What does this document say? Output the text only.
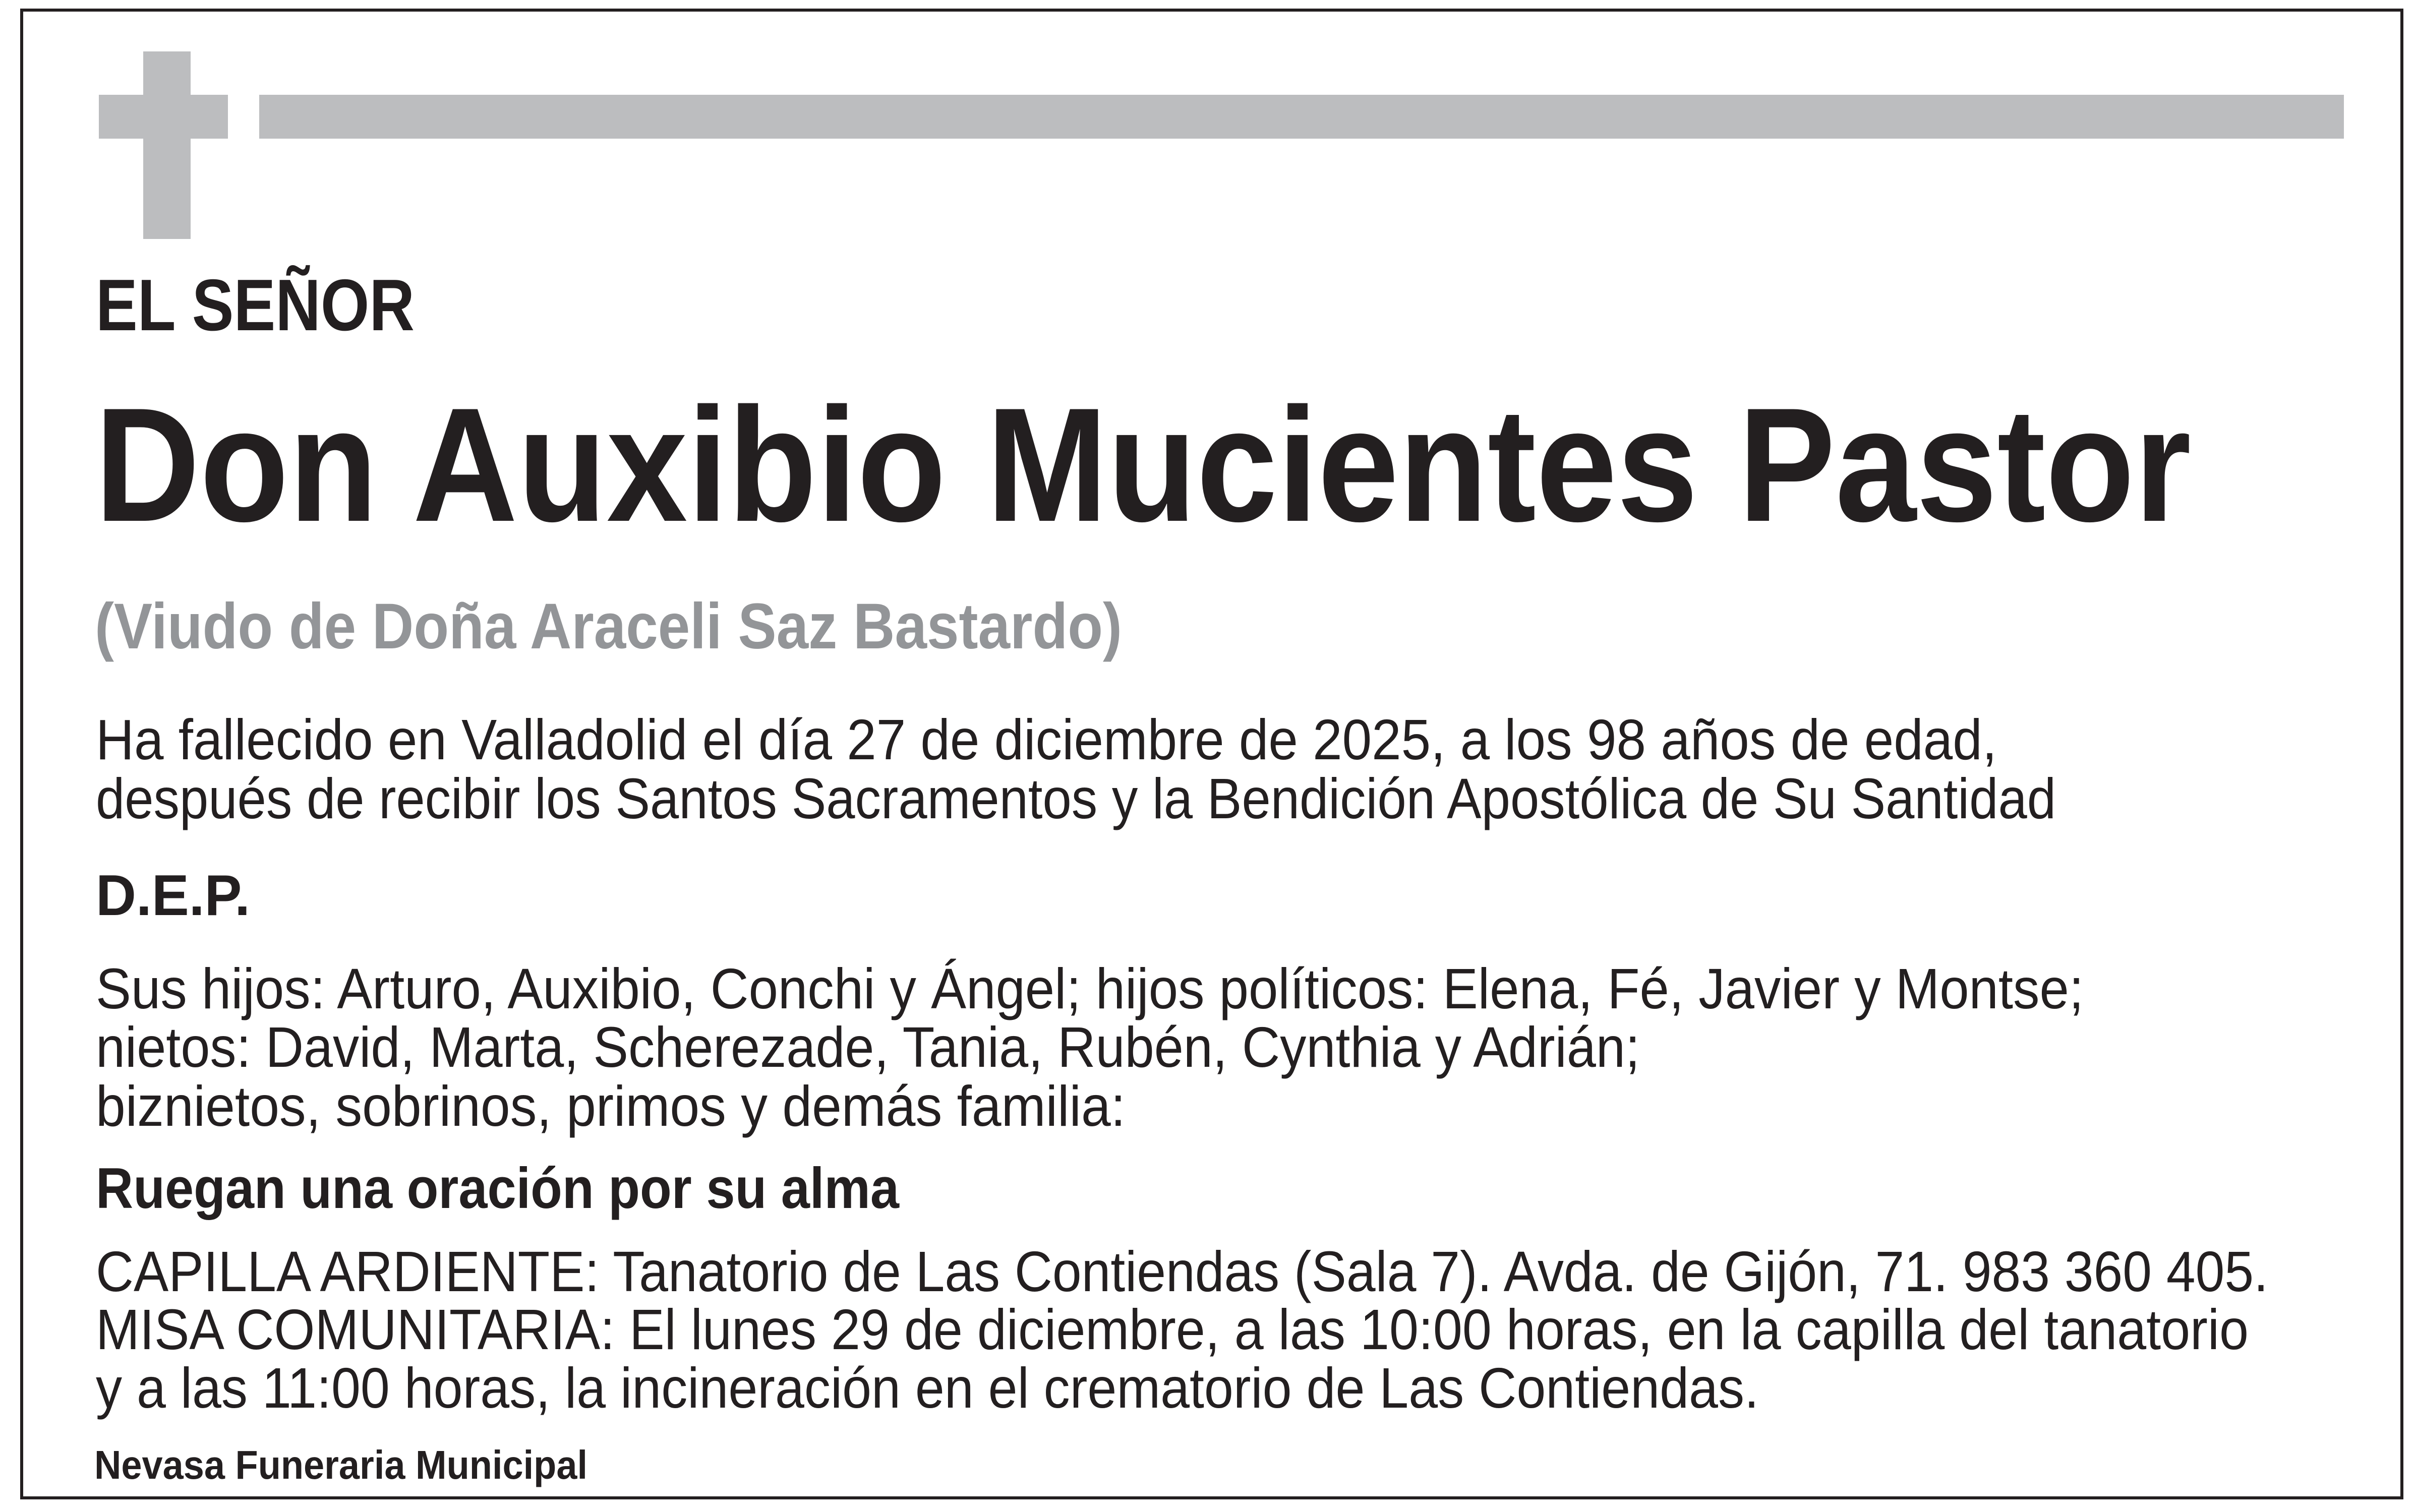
EL SEÑOR
Don Auxibio Mucientes Pastor
(Viudo de Doña Araceli Saz Bastardo)
Ha fallecido en Valladolid el día 27 de diciembre de 2025, a los 98 años de edad,
después de recibir los Santos Sacramentos y la Bendición Apostólica de Su Santidad
D.E.P.
Sus hijos: Arturo, Auxibio, Conchi y Ángel; hijos políticos: Elena, Fé, Javier y Montse;
nietos: David, Marta, Scherezade, Tania, Rubén, Cynthia y Adrián;
biznietos, sobrinos, primos y demás familia:
Ruegan una oración por su alma
CAPILLA ARDIENTE: Tanatorio de Las Contiendas (Sala 7). Avda. de Gijón, 71. 983 360 405.
MISA COMUNITARIA: El lunes 29 de diciembre, a las 10:00 horas, en la capilla del tanatorio
y a las 11:00 horas, la incineración en el crematorio de Las Contiendas.
Nevasa Funeraria Municipal
